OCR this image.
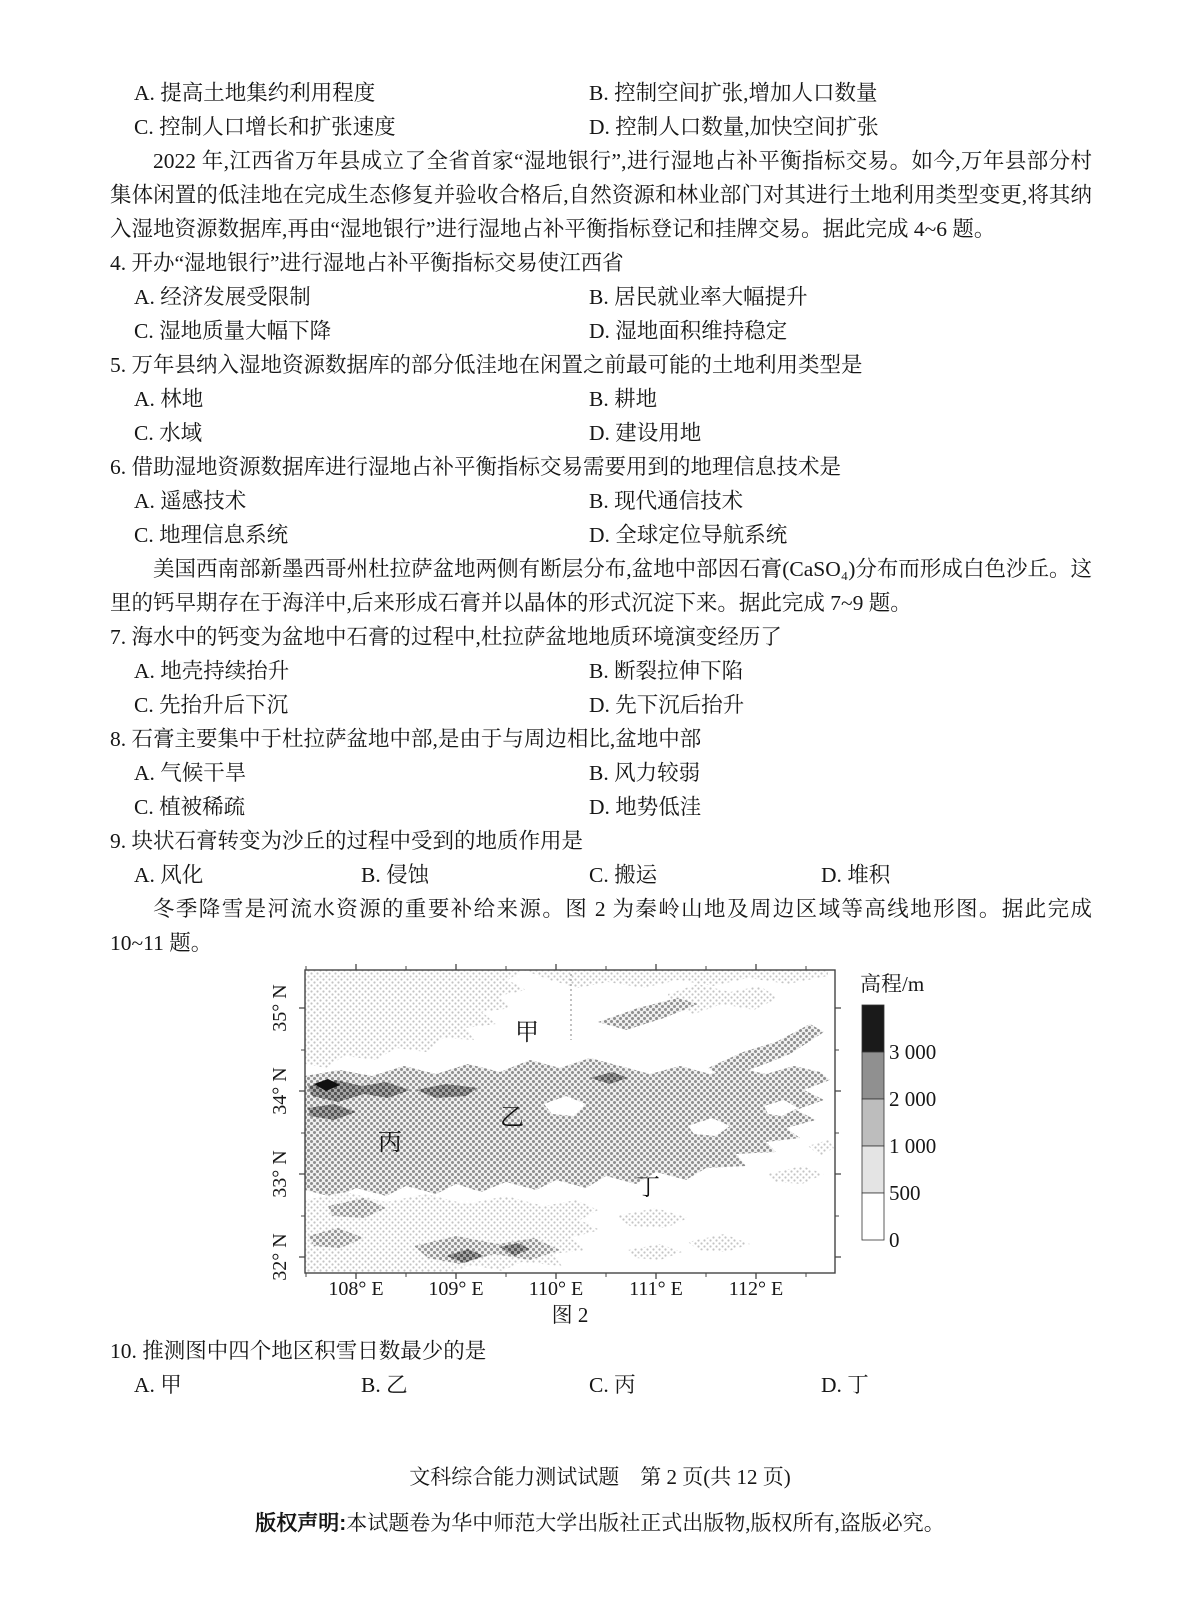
A. 提高土地集约利用程度	B. 控制空间扩张,增加人口数量
C. 控制人口增长和扩张速度	D. 控制人口数量,加快空间扩张
2022 年,江西省万年县成立了全省首家“湿地银行”,进行湿地占补平衡指标交易。如今,万年县部分村集体闲置的低洼地在完成生态修复并验收合格后,自然资源和林业部门对其进行土地利用类型变更,将其纳入湿地资源数据库,再由“湿地银行”进行湿地占补平衡指标登记和挂牌交易。据此完成 4~6 题。
4. 开办“湿地银行”进行湿地占补平衡指标交易使江西省
A. 经济发展受限制	B. 居民就业率大幅提升
C. 湿地质量大幅下降	D. 湿地面积维持稳定
5. 万年县纳入湿地资源数据库的部分低洼地在闲置之前最可能的土地利用类型是
A. 林地	B. 耕地
C. 水域	D. 建设用地
6. 借助湿地资源数据库进行湿地占补平衡指标交易需要用到的地理信息技术是
A. 遥感技术	B. 现代通信技术
C. 地理信息系统	D. 全球定位导航系统
美国西南部新墨西哥州杜拉萨盆地两侧有断层分布,盆地中部因石膏(CaSO₄)分布而形成白色沙丘。这里的钙早期存在于海洋中,后来形成石膏并以晶体的形式沉淀下来。据此完成 7~9 题。
7. 海水中的钙变为盆地中石膏的过程中,杜拉萨盆地地质环境演变经历了
A. 地壳持续抬升	B. 断裂拉伸下陷
C. 先抬升后下沉	D. 先下沉后抬升
8. 石膏主要集中于杜拉萨盆地中部,是由于与周边相比,盆地中部
A. 气候干旱	B. 风力较弱
C. 植被稀疏	D. 地势低洼
9. 块状石膏转变为沙丘的过程中受到的地质作用是
A. 风化	B. 侵蚀	C. 搬运	D. 堆积
冬季降雪是河流水资源的重要补给来源。图 2 为秦岭山地及周边区域等高线地形图。据此完成 10~11 题。
甲
乙
丙
丁
108° E 109° E 110° E 111° E 112° E
35° N
34° N
33° N
32° N
高程/m
3 000
2 000
1 000
500
0
图 2
10. 推测图中四个地区积雪日数最少的是
A. 甲	B. 乙	C. 丙	D. 丁
文科综合能力测试试题　第 2 页(共 12 页)
版权声明:本试题卷为华中师范大学出版社正式出版物,版权所有,盗版必究。
